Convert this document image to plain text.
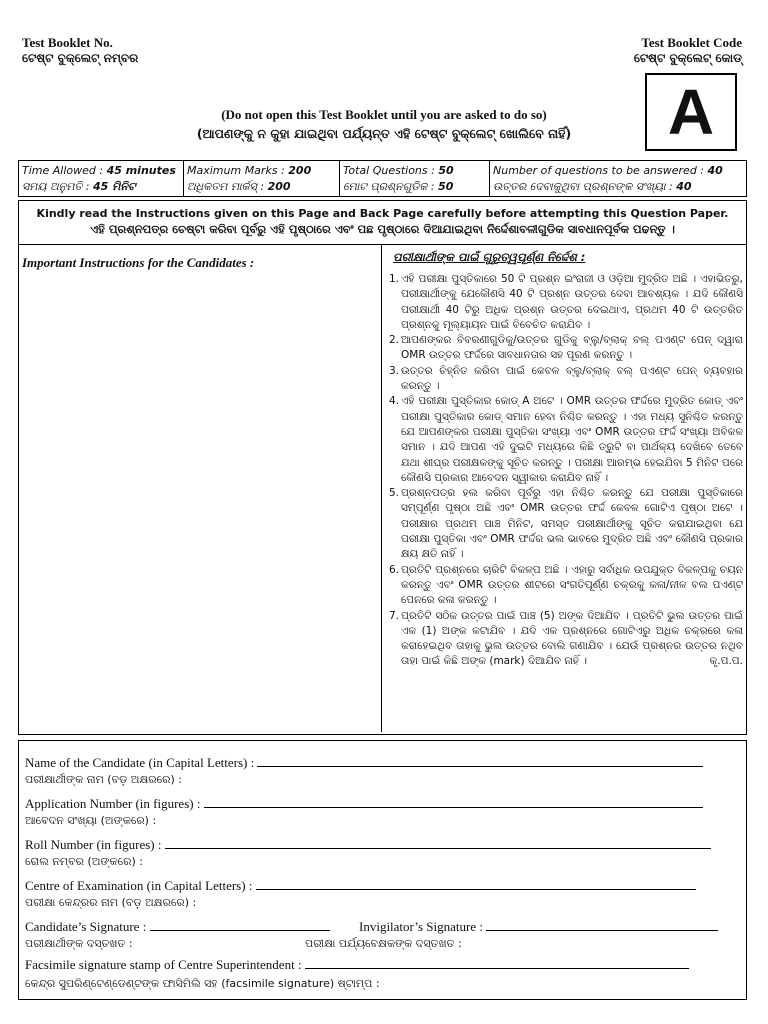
Test Booklet No.
ଟେଷ୍ଟ ବୁକ୍ଲେଟ୍ ନମ୍ବର
Test Booklet Code
ଟେଷ୍ଟ ବୁକ୍ଲେଟ୍ କୋଡ୍
A
(Do not open this Test Booklet until you are asked to do so)
(ଆପଣଙ୍କୁ ନ କୁହା ଯାଇଥିବା ପର୍ଯ୍ୟନ୍ତ ଏହି ଟେଷ୍ଟ ବୁକ୍ଲେଟ୍ ଖୋଲିବେ ନାହିଁ)
Time Allowed : 45 minutes
ସମୟ ଅନୁମତି : 45 ମିନିଟ
Maximum Marks : 200
ଅଧିକତମ ମାର୍କସ୍ : 200
Total Questions : 50
ମୋଟ ପ୍ରଶ୍ନଗୁଡିକ : 50
Number of questions to be answered : 40
ଉତ୍ତର ଦେବାକୁଥିବା ପ୍ରଶ୍ନଙ୍କ ସଂଖ୍ୟା : 40
Kindly read the Instructions given on this Page and Back Page carefully before attempting this Question Paper.
ଏହି ପ୍ରଶ୍ନପତ୍ର ଚେଷ୍ଟା କରିବା ପୂର୍ବରୁ ଏହି ପୃଷ୍ଠାରେ ଏବଂ ପଛ ପୃଷ୍ଠାରେ ଦିଆଯାଇଥିବା ନିର୍ଦ୍ଦେଶାବଳୀଗୁଡିକ ସାବଧାନପୂର୍ବକ ପଢନ୍ତୁ ।
Important Instructions for the Candidates :	ପରୀକ୍ଷାର୍ଥୀଙ୍କ ପାଇଁ ଗୁରୁତ୍ୱପୂର୍ଣ୍ଣ ନିର୍ଦ୍ଦେଶ :
1. ଏହି ପରୀକ୍ଷା ପୁସ୍ତିକାରେ 50 ଟି ପ୍ରଶ୍ନ ଇଂରାଜୀ ଓ ଓଡ଼ିଆ ମୁଦ୍ରିତ ଅଛି । ଏହାଭିତରୁ, ପରୀକ୍ଷାର୍ଥୀଙ୍କୁ ଯେକୌଣସି 40 ଟି ପ୍ରଶ୍ନ ଉତ୍ତର ଦେବା ଆବଶ୍ୟକ । ଯଦି କୌଣସି ପରୀକ୍ଷାର୍ଥୀ 40 ଟିରୁ ଅଧିକ ପ୍ରଶ୍ନ ଉତ୍ତର ଦେଇଥାଏ, ପ୍ରଥମ 40 ଟି ଉତ୍ତରିତ ପ୍ରଶ୍ନକୁ ମୂଲ୍ୟାୟନ ପାଇଁ ବିବେଚିତ କରାଯିବ ।
2. ଆପଣଙ୍କର ବିବରଣୀଗୁଡିକୁ/ଉତ୍ତର ଗୁଡିକୁ ବ୍ଲୁ/ବ୍ଲାକ୍ ବଲ୍ ପଏଣ୍ଟ ପେନ୍ ଦ୍ୱାରା OMR ଉତ୍ତର ଫର୍ଦ୍ଦରେ ସାବଧାନତାର ସହ ପୂରଣ କରନ୍ତୁ ।
3. ଉତ୍ତର ଚିହ୍ନିତ କରିବା ପାଇଁ କେବଳ ବ୍ଲୁ/ବ୍ଲାକ୍ ବଲ୍ ପଏଣ୍ଟ ପେନ୍ ବ୍ୟବହାର କରନ୍ତୁ ।
4. ଏହି ପରୀକ୍ଷା ପୁସ୍ତିକାର କୋଡ୍ A ଅଟେ । OMR ଉତ୍ତର ଫର୍ଦ୍ଦରେ ମୁଦ୍ରିତ କୋଡ୍ ଏବଂ ପରୀକ୍ଷା ପୁସ୍ତିକାର କୋଡ୍ ସମାନ ହେବା ନିଶ୍ଚିତ କରନ୍ତୁ । ଏହା ମଧ୍ୟ ସୁନିଶ୍ଚିତ କରନ୍ତୁ ଯେ ଆପଣଙ୍କର ପରୀକ୍ଷା ପୁସ୍ତିକା ସଂଖ୍ୟା ଏବଂ OMR ଉତ୍ତର ଫର୍ଦ୍ଦ ସଂଖ୍ୟା ଅବିକଳ ସମାନ । ଯଦି ଆପଣ ଏହି ଦୁଇଟି ମଧ୍ୟରେ କିଛି ତ୍ରୁଟି ବା ପାର୍ଥକ୍ୟ ଦେଖିବେ ତେବେ ଯଥା ଶୀଘ୍ର ପରୀକ୍ଷକଙ୍କୁ ସୂଚିତ କରନ୍ତୁ । ପରୀକ୍ଷା ଆରମ୍ଭ ହେଇଯିବା 5 ମିନିଟ ପରେ କୌଣସି ପ୍ରକାର ଆବେଦନ ସ୍ୱୀକାର କରାଯିବ ନାହିଁ ।
5. ପ୍ରଶ୍ନପତ୍ର ହଲ କରିବା ପୂର୍ବରୁ ଏହା ନିଶ୍ଚିତ କରନ୍ତୁ ଯେ ପରୀକ୍ଷା ପୁସ୍ତିକାରେ ସମ୍ପୂର୍ଣ୍ଣ ପୃଷ୍ଠା ଅଛି ଏବଂ OMR ଉତ୍ତର ଫର୍ଦ୍ଦ କେବଳ ଗୋଟିଏ ପୃଷ୍ଠା ଅଟେ । ପରୀକ୍ଷାର ପ୍ରଥମ ପାଞ୍ଚ ମିନିଟ, ସମସ୍ତ ପରୀକ୍ଷାର୍ଥୀଙ୍କୁ ସୂଚିତ କରାଯାଇଥିବା ଯେ ପରୀକ୍ଷା ପୁସ୍ତିକା ଏବଂ OMR ଫର୍ଦ୍ଦର ଭଲ ଭାବରେ ମୁଦ୍ରିତ ଅଛି ଏବଂ କୌଣସି ପ୍ରକାର କ୍ଷୟ କ୍ଷତି ନାହିଁ ।
6. ପ୍ରତିଟି ପ୍ରଶ୍ନରେ ଚାରିଟି ବିକଳ୍ପ ଅଛି । ଏହାରୁ ସର୍ବାଧିକ ଉପଯୁକ୍ତ ବିକଳ୍ପକୁ ଚୟନ କରନ୍ତୁ ଏବଂ OMR ଉତ୍ତର ଶୀଟରେ ସଂଗତିପୂର୍ଣ୍ଣ ଚକ୍ରକୁ କଳା/ନୀଳ ବଲ ପଏଣ୍ଟ ପେନରେ କଳା କରନ୍ତୁ ।
7. ପ୍ରତିଟି ସଠିକ ଉତ୍ତର ପାଇଁ ପାଞ୍ଚ (5) ଅଙ୍କ ଦିଆଯିବ । ପ୍ରତିଟି ଭୁଲ ଉତ୍ତର ପାଇଁ ଏକ (1) ଅଙ୍କ କଟାଯିବ । ଯଦି ଏକ ପ୍ରଶ୍ନରେ ଗୋଟିଏରୁ ଅଧିକ ଚକ୍ରରେ କଳା କରାହେଇଥିବ ତାହାକୁ ଭୁଲ ଉତ୍ତର ବୋଲି ଗଣାଯିବ । ଯେଉଁ ପ୍ରଶ୍ନର ଉତ୍ତର ନଥିବ ତାହା ପାଇଁ କିଛି ଅଙ୍କ (mark) ଦିଆଯିବ ନାହିଁ ।	କୃ.ପ.ପ.
Name of the Candidate (in Capital Letters) :
ପରୀକ୍ଷାର୍ଥୀଙ୍କ ନାମ (ବଡ଼ ଅକ୍ଷରରେ) :
Application Number (in figures) :
ଆବେଦନ ସଂଖ୍ୟା (ଅଙ୍କରେ) :
Roll Number (in figures) :
ରୋଲ ନମ୍ବର (ଅଙ୍କରେ) :
Centre of Examination (in Capital Letters) :
ପରୀକ୍ଷା କେନ୍ଦ୍ରର ନାମ (ବଡ଼ ଅକ୍ଷରରେ) :
Candidate’s Signature :	Invigilator’s Signature :
ପରୀକ୍ଷାର୍ଥୀଙ୍କ ଦସ୍ତଖତ :	ପରୀକ୍ଷା ପର୍ଯ୍ୟବେକ୍ଷକଙ୍କ ଦସ୍ତଖତ :
Facsimile signature stamp of Centre Superintendent :
କେନ୍ଦ୍ର ସୁପରିଣ୍ଟେଣ୍ଡେଣ୍ଟଙ୍କ ଫାସିମିଲି ସହ (facsimile signature) ଷ୍ଟାମ୍ପ :
